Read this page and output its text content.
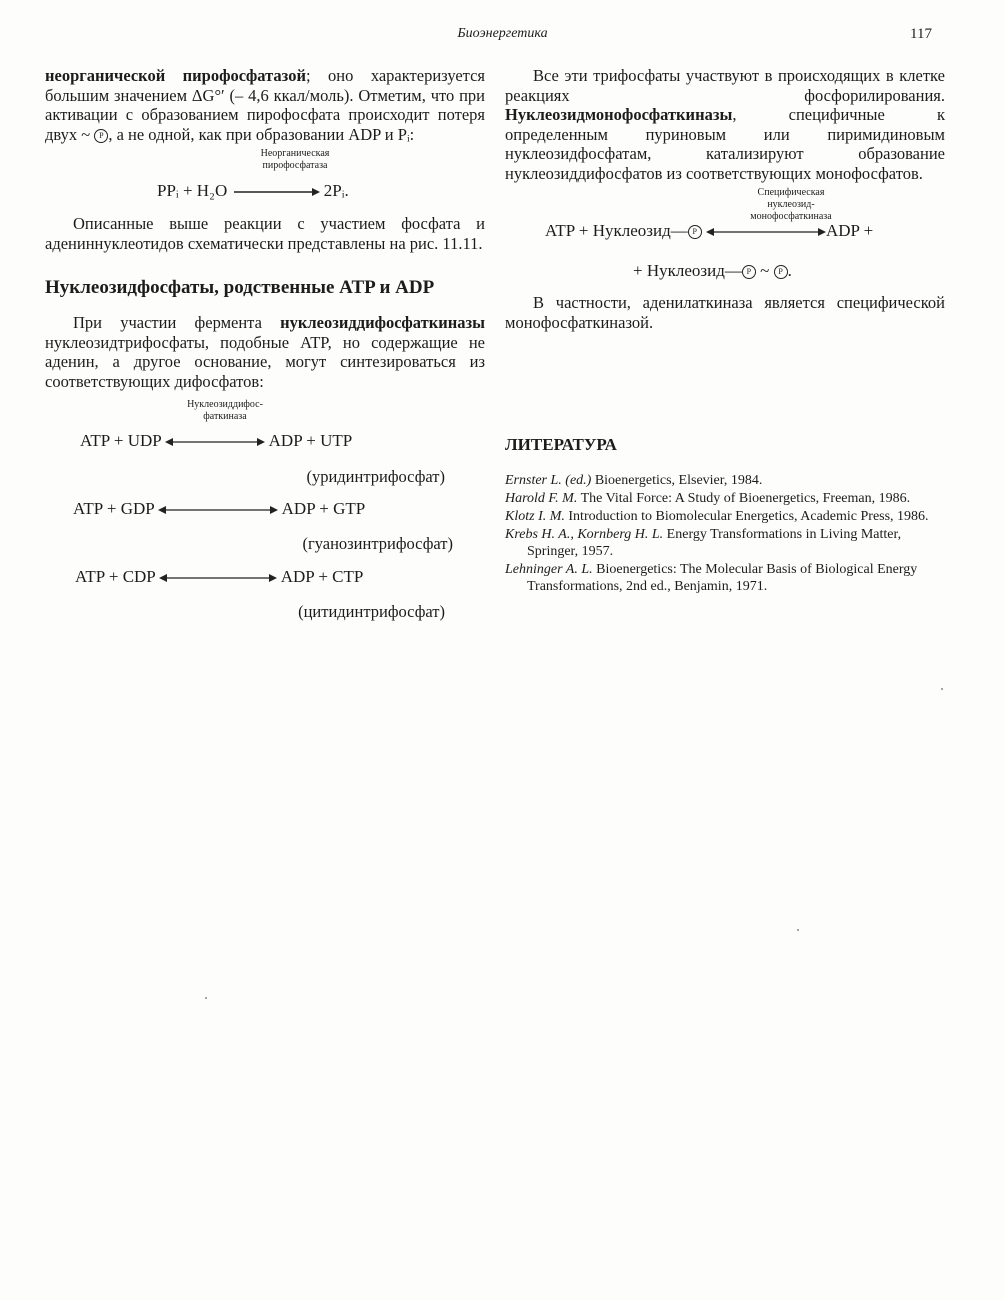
Биоэнергетика	117

неорганической пирофосфатазой; оно характеризуется большим значением ΔG°′ (– 4,6 ккал/моль). Отметим, что при активации с образованием пирофосфата происходит потеря двух ~ P , а не одной, как при образовании ADP и Pᵢ:

Неорганическая
пирофосфатаза
PPᵢ + H₂O	2Pᵢ.

Описанные выше реакции с участием фосфата и адениннуклеотидов схематически представлены на рис. 11.11.

Нуклеозидфосфаты, родственные ATP и ADP

При участии фермента нуклеозиддифосфаткиназы нуклеозидтрифосфаты, подобные ATP, но содержащие не аденин, а другое основание, могут синтезироваться из соответствующих дифосфатов:

Нуклеозиддифос-
фаткиназа
ATP + UDP	ADP + UTP
(уридинтрифосфат)
ATP + GDP	ADP + GTP
(гуанозинтрифосфат)
ATP + CDP	ADP + CTP
(цитидинтрифосфат)

Все эти трифосфаты участвуют в происходящих в клетке реакциях фосфорилирования. Нуклеозидмонофосфаткиназы, специфичные к определенным пуриновым или пиримидиновым нуклеозидфосфатам, катализируют образование нуклеозиддифосфатов из соответствующих монофосфатов.

Специфическая
нуклеозид-
монофосфаткиназа
ATP + Нуклеозид— P	ADP +
+ Нуклеозид— P ~ P .

В частности, аденилаткиназа является специфической монофосфаткиназой.

ЛИТЕРАТУРА
Ernster L. (ed.) Bioenergetics, Elsevier, 1984.
Harold F. M. The Vital Force: A Study of Bioenergetics, Freeman, 1986.
Klotz I. M. Introduction to Biomolecular Energetics, Academic Press, 1986.
Krebs H. A., Kornberg H. L. Energy Transformations in Living Matter, Springer, 1957.
Lehninger A. L. Bioenergetics: The Molecular Basis of Biological Energy Transformations, 2nd ed., Benjamin, 1971.
